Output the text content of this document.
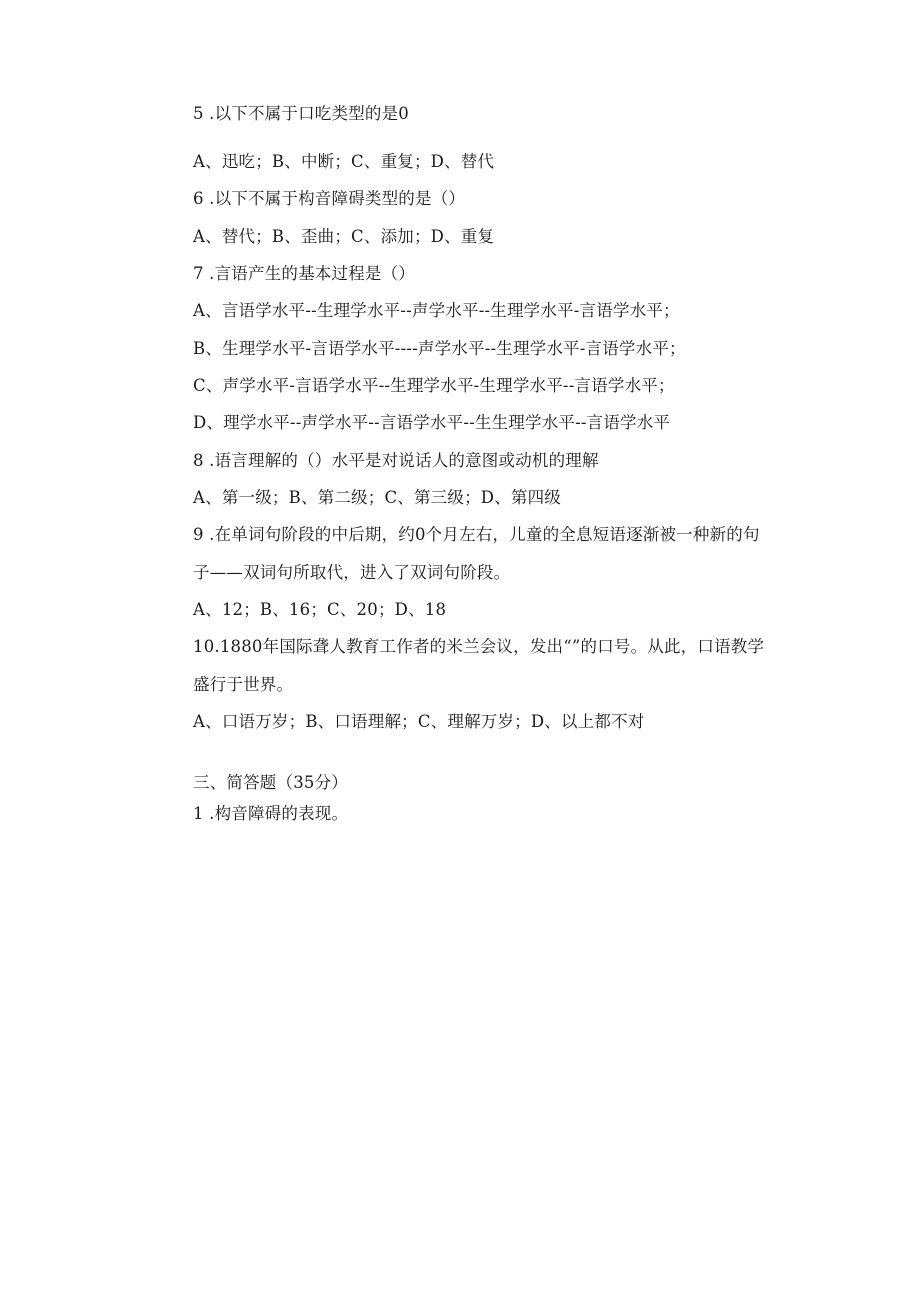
5 .以下不属于口吃类型的是0
A、迅吃；B、中断；C、重复；D、替代
6 .以下不属于构音障碍类型的是（）
A、替代；B、歪曲；C、添加；D、重复
7 .言语产生的基本过程是（）
A、言语学水平--生理学水平--声学水平--生理学水平-言语学水平；
B、生理学水平-言语学水平----声学水平--生理学水平-言语学水平；
C、声学水平-言语学水平--生理学水平-生理学水平--言语学水平；
D、理学水平--声学水平--言语学水平--生生理学水平--言语学水平
8 .语言理解的（）水平是对说话人的意图或动机的理解
A、第一级；B、第二级；C、第三级；D、第四级
9 .在单词句阶段的中后期，约0个月左右，儿童的全息短语逐渐被一种新的句
子——双词句所取代，进入了双词句阶段。
A、12；B、16；C、20；D、18
10.1880年国际聋人教育工作者的米兰会议，发出“”的口号。从此，口语教学
盛行于世界。
A、口语万岁；B、口语理解；C、理解万岁；D、以上都不对
三、简答题（35分）
1 .构音障碍的表现。
